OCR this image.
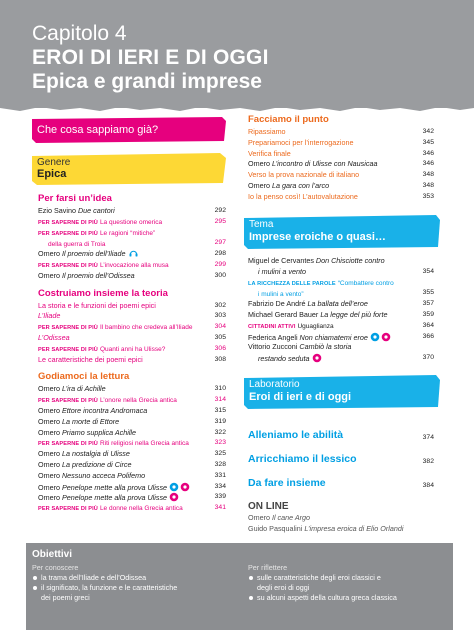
Capitolo 4
EROI DI IERI E DI OGGI
Epica e grandi imprese
Che cosa sappiamo già?
Genere
Epica
Per farsi un’idea
Ezio Savino Due cantori	292
PER SAPERNE DI PIÙ La questione omerica	295
PER SAPERNE DI PIÙ Le ragioni “mitiche”
della guerra di Troia	297
Omero Il proemio dell’Iliade	298
PER SAPERNE DI PIÙ L’invocazione alla musa	299
Omero Il proemio dell’Odissea	300
Costruiamo insieme la teoria
La storia e le funzioni dei poemi epici	302
L’Iliade	303
PER SAPERNE DI PIÙ Il bambino che credeva all’Iliade	304
L’Odissea	305
PER SAPERNE DI PIÙ Quanti anni ha Ulisse?	306
Le caratteristiche dei poemi epici	308
Godiamoci la lettura
Omero L’ira di Achille	310
PER SAPERNE DI PIÙ L’onore nella Grecia antica	314
Omero Ettore incontra Andromaca	315
Omero La morte di Ettore	319
Omero Priamo supplica Achille	322
PER SAPERNE DI PIÙ Riti religiosi nella Grecia antica	323
Omero La nostalgia di Ulisse	325
Omero La predizione di Circe	328
Omero Nessuno acceca Polifemo	331
Omero Penelope mette alla prova Ulisse	334
Omero Penelope mette alla prova Ulisse	339
PER SAPERNE DI PIÙ Le donne nella Grecia antica	341
Facciamo il punto
Ripassiamo	342
Prepariamoci per l’interrogazione	345
Verifica finale	346
Omero L’incontro di Ulisse con Nausicaa	346
Verso la prova nazionale di italiano	348
Omero La gara con l’arco	348
Io la penso così! L’autovalutazione	353
Tema
Imprese eroiche o quasi…
Miguel de Cervantes Don Chisciotte contro
i mulini a vento	354
LA RICCHEZZA DELLE PAROLE “Combattere contro
i mulini a vento”	355
Fabrizio De André La ballata dell’eroe	357
Michael Gerard Bauer La legge del più forte	359
CITTADINI ATTIVI Uguaglianza	364
Federica Angeli Non chiamatemi eroe	366
Vittorio Zucconi Cambiò la storia
restando seduta	370
Laboratorio
Eroi di ieri e di oggi
Alleniamo le abilità	374
Arricchiamo il lessico	382
Da fare insieme	384
ON LINE
Omero Il cane Argo
Guido Pasqualini L’impresa eroica di Elio Orlandi
Obiettivi
Per conoscere
la trama dell’Iliade e dell’Odissea
il significato, la funzione e le caratteristiche
dei poemi greci
Per riflettere
sulle caratteristiche degli eroi classici e
degli eroi di oggi
su alcuni aspetti della cultura greca classica
